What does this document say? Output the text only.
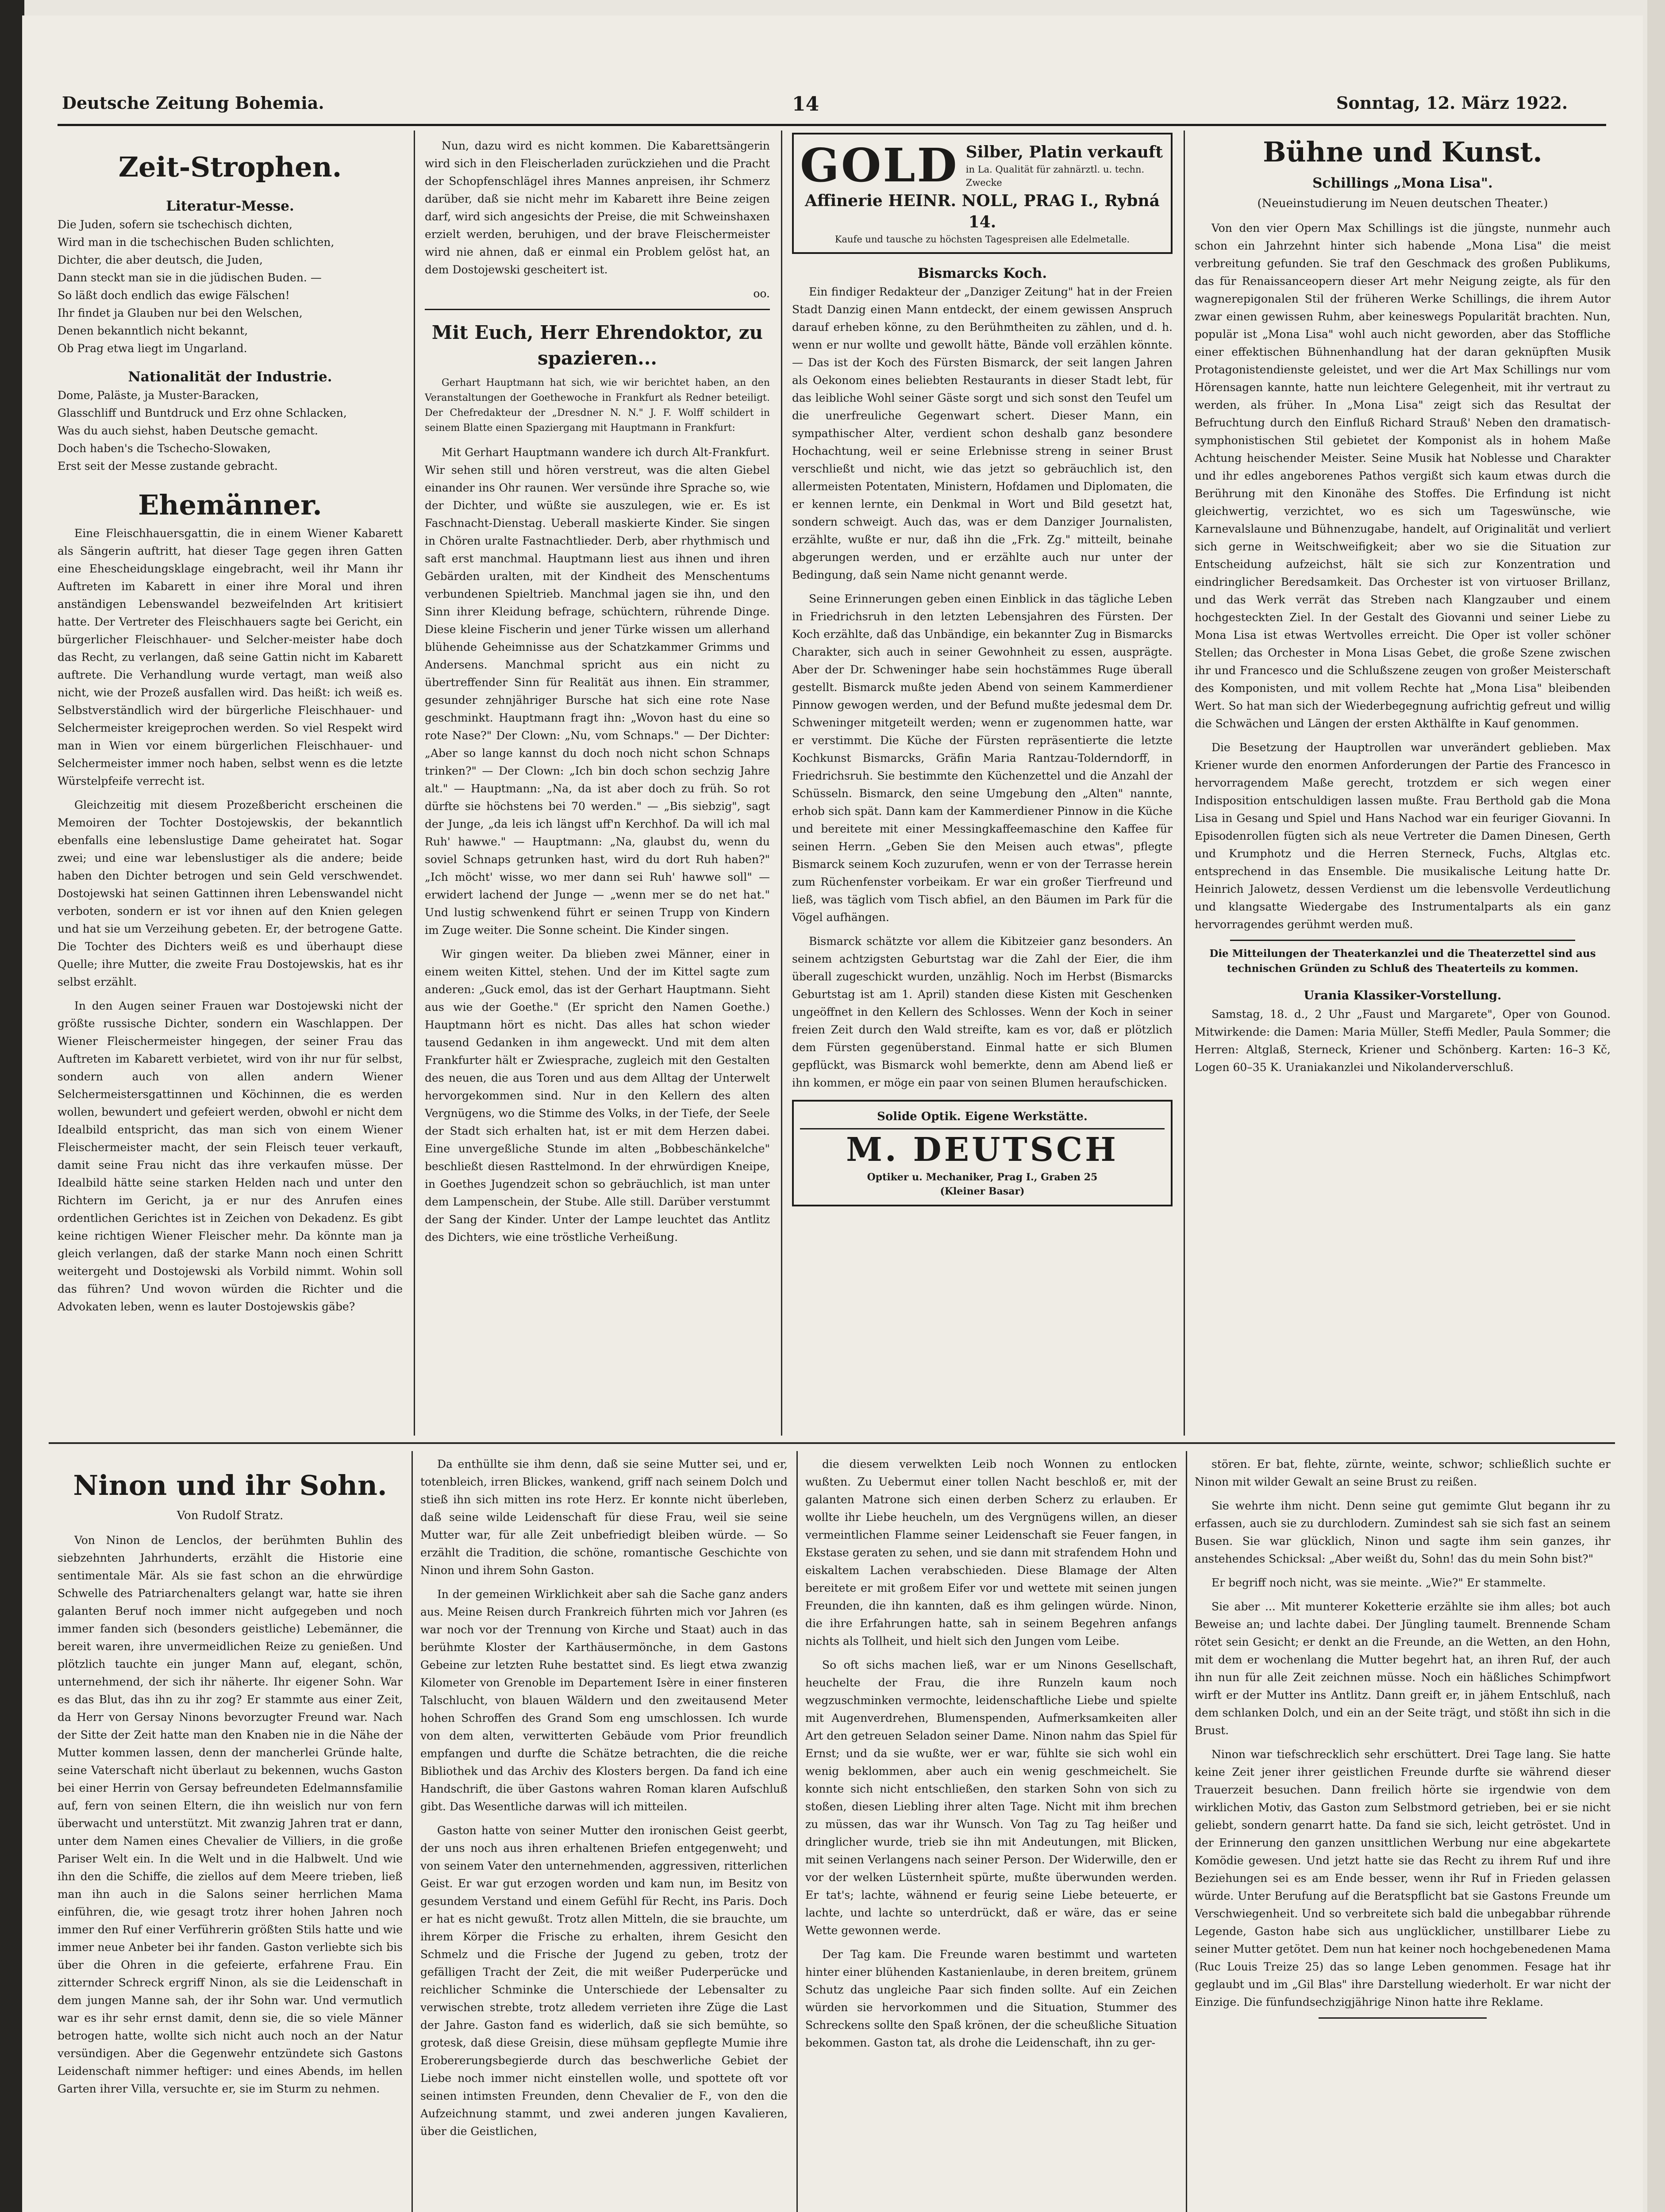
Deutsche Zeitung Bohemia.	14	Sonntag, 12. März 1922.
Zeit-Strophen.
Literatur-Messe.

Die Juden, sofern sie tschechisch dichten,
Wird man in die tschechischen Buden schlichten,
Dichter, die aber deutsch, die Juden,
Dann steckt man sie in die jüdischen Buden. —
So läßt doch endlich das ewige Fälschen!
Ihr findet ja Glauben nur bei den Welschen,
Denen bekanntlich nicht bekannt,
Ob Prag etwa liegt im Ungarland.

Nationalität der Industrie.

Dome, Paläste, ja Muster-Baracken,
Glasschliff und Buntdruck und Erz ohne Schlacken,
Was du auch siehst, haben Deutsche gemacht.
Doch haben's die Tschecho-Slowaken,
Erst seit der Messe zustande gebracht.

Ehemänner.

Eine Fleischhauersgattin, die in einem Wiener Kabarett als Sängerin auftritt, hat dieser Tage gegen ihren Gatten eine Ehescheidungsklage eingebracht, weil ihr Mann ihr Auftreten im Kabarett in einer ihre Moral und ihren anständigen Lebenswandel bezweifelnden Art kritisiert hatte. Der Vertreter des Fleischhauers sagte bei Gericht, ein bürgerlicher Fleischhauer- und Selcher-meister habe doch das Recht, zu verlangen, daß seine Gattin nicht im Kabarett auftrete. Die Verhandlung wurde vertagt, man weiß also nicht, wie der Prozeß ausfallen wird. Das heißt: ich weiß es. Selbstverständlich wird der bürgerliche Fleischhauer- und Selchermeister kreigeprochen werden. So viel Respekt wird man in Wien vor einem bürgerlichen Fleischhauer- und Selchermeister immer noch haben, selbst wenn es die letzte Würstelpfeife verrecht ist.

Gleichzeitig mit diesem Prozeßbericht erscheinen die Memoiren der Tochter Dostojewskis, der bekanntlich ebenfalls eine lebenslustige Dame geheiratet hat. Sogar zwei; und eine war lebenslustiger als die andere; beide haben den Dichter betrogen und sein Geld verschwendet. Dostojewski hat seinen Gattinnen ihren Lebenswandel nicht verboten, sondern er ist vor ihnen auf den Knien gelegen und hat sie um Verzeihung gebeten. Er, der betrogene Gatte. Die Tochter des Dichters weiß es und überhaupt diese Quelle; ihre Mutter, die zweite Frau Dostojewskis, hat es ihr selbst erzählt.

In den Augen seiner Frauen war Dostojewski nicht der größte russische Dichter, sondern ein Waschlappen. Der Wiener Fleischermeister hingegen, der seiner Frau das Auftreten im Kabarett verbietet, wird von ihr nur für selbst, sondern auch von allen andern Wiener Selchermeistersgattinnen und Köchinnen, die es werden wollen, bewundert und gefeiert werden, obwohl er nicht dem Idealbild entspricht, das man sich von einem Wiener Fleischermeister macht, der sein Fleisch teuer verkauft, damit seine Frau nicht das ihre verkaufen müsse. Der Idealbild hätte seine starken Helden nach und unter den Richtern im Gericht, ja er nur des Anrufen eines ordentlichen Gerichtes ist in Zeichen von Dekadenz. Es gibt keine richtigen Wiener Fleischer mehr. Da könnte man ja gleich verlangen, daß der starke Mann noch einen Schritt weitergeht und Dostojewski als Vorbild nimmt. Wohin soll das führen? Und wovon würden die Richter und die Advokaten leben, wenn es lauter Dostojewskis gäbe?

Nun, dazu wird es nicht kommen. Die Kabarettsängerin wird sich in den Fleischerladen zurückziehen und die Pracht der Schopfenschlägel ihres Mannes anpreisen, ihr Schmerz darüber, daß sie nicht mehr im Kabarett ihre Beine zeigen darf, wird sich angesichts der Preise, die mit Schweinshaxen erzielt werden, beruhigen, und der brave Fleischermeister wird nie ahnen, daß er einmal ein Problem gelöst hat, an dem Dostojewski gescheitert ist.

oo.

Mit Euch, Herr Ehrendoktor, zu spazieren...

Gerhart Hauptmann hat sich, wie wir berichtet haben, an den Veranstaltungen der Goethewoche in Frankfurt als Redner beteiligt. Der Chefredakteur der „Dresdner N. N." J. F. Wolff schildert in seinem Blatte einen Spaziergang mit Hauptmann in Frankfurt:

Mit Gerhart Hauptmann wandere ich durch Alt-Frankfurt. Wir sehen still und hören verstreut, was die alten Giebel einander ins Ohr raunen. Wer versünde ihre Sprache so, wie der Dichter, und wüßte sie auszulegen, wie er. Es ist Faschnacht-Dienstag. Ueberall maskierte Kinder. Sie singen in Chören uralte Fastnachtlieder. Derb, aber rhythmisch und saft erst manchmal. Hauptmann liest aus ihnen und ihren Gebärden uralten, mit der Kindheit des Menschentums verbundenen Spieltrieb. Manchmal jagen sie ihn, und den Sinn ihrer Kleidung befrage, schüchtern, rührende Dinge. Diese kleine Fischerin und jener Türke wissen um allerhand blühende Geheimnisse aus der Schatzkammer Grimms und Andersens. Manchmal spricht aus ein nicht zu übertreffender Sinn für Realität aus ihnen. Ein strammer, gesunder zehnjähriger Bursche hat sich eine rote Nase geschminkt. Hauptmann fragt ihn: „Wovon hast du eine so rote Nase?" Der Clown: „Nu, vom Schnaps." — Der Dichter: „Aber so lange kannst du doch noch nicht schon Schnaps trinken?" — Der Clown: „Ich bin doch schon sechzig Jahre alt." — Hauptmann: „Na, da ist aber doch zu früh. So rot dürfte sie höchstens bei 70 werden." — „Bis siebzig", sagt der Junge, „da leis ich längst uff'n Kerchhof. Da will ich mal Ruh' hawwe." — Hauptmann: „Na, glaubst du, wenn du soviel Schnaps getrunken hast, wird du dort Ruh haben?" „Ich möcht' wisse, wo mer dann sei Ruh' hawwe soll" — erwidert lachend der Junge — „wenn mer se do net hat." Und lustig schwenkend führt er seinen Trupp von Kindern im Zuge weiter. Die Sonne scheint. Die Kinder singen.

Wir gingen weiter. Da blieben zwei Männer, einer in einem weiten Kittel, stehen. Und der im Kittel sagte zum anderen: „Guck emol, das ist der Gerhart Hauptmann. Sieht aus wie der Goethe." (Er spricht den Namen Goethe.) Hauptmann hört es nicht. Das alles hat schon wieder tausend Gedanken in ihm angeweckt. Und mit dem alten Frankfurter hält er Zwiesprache, zugleich mit den Gestalten des neuen, die aus Toren und aus dem Alltag der Unterwelt hervorgekommen sind. Nur in den Kellern des alten Vergnügens, wo die Stimme des Volks, in der Tiefe, der Seele der Stadt sich erhalten hat, ist er mit dem Herzen dabei. Eine unvergeßliche Stunde im alten „Bobbeschänkelche" beschließt diesen Rasttelmond. In der ehrwürdigen Kneipe, in Goethes Jugendzeit schon so gebräuchlich, ist man unter dem Lampenschein, der Stube. Alle still. Darüber verstummt der Sang der Kinder. Unter der Lampe leuchtet das Antlitz des Dichters, wie eine tröstliche Verheißung.

GOLD Silber, Platin verkauft
in La. Qualität für zahnärztl. u. techn. Zwecke
Affinerie HEINR. NOLL, PRAG I., Rybná 14.
Kaufe und tausche zu höchsten Tagespreisen alle Edelmetalle.
Bismarcks Koch.

Ein findiger Redakteur der „Danziger Zeitung" hat in der Freien Stadt Danzig einen Mann entdeckt, der einem gewissen Anspruch darauf erheben könne, zu den Berühmtheiten zu zählen, und d. h. wenn er nur wollte und gewollt hätte, Bände voll erzählen könnte. — Das ist der Koch des Fürsten Bismarck, der seit langen Jahren als Oekonom eines beliebten Restaurants in dieser Stadt lebt, für das leibliche Wohl seiner Gäste sorgt und sich sonst den Teufel um die unerfreuliche Gegenwart schert. Dieser Mann, ein sympathischer Alter, verdient schon deshalb ganz besondere Hochachtung, weil er seine Erlebnisse streng in seiner Brust verschließt und nicht, wie das jetzt so gebräuchlich ist, den allermeisten Potentaten, Ministern, Hofdamen und Diplomaten, die er kennen lernte, ein Denkmal in Wort und Bild gesetzt hat, sondern schweigt. Auch das, was er dem Danziger Journalisten, erzählte, wußte er nur, daß ihn die „Frk. Zg." mitteilt, beinahe abgerungen werden, und er erzählte auch nur unter der Bedingung, daß sein Name nicht genannt werde.

Seine Erinnerungen geben einen Einblick in das tägliche Leben in Friedrichsruh in den letzten Lebensjahren des Fürsten. Der Koch erzählte, daß das Unbändige, ein bekannter Zug in Bismarcks Charakter, sich auch in seiner Gewohnheit zu essen, ausprägte. Aber der Dr. Schweninger habe sein hochstämmes Ruge überall gestellt. Bismarck mußte jeden Abend von seinem Kammerdiener Pinnow gewogen werden, und der Befund mußte jedesmal dem Dr. Schweninger mitgeteilt werden; wenn er zugenommen hatte, war er verstimmt. Die Küche der Fürsten repräsentierte die letzte Kochkunst Bismarcks, Gräfin Maria Rantzau-Tolderndorff, in Friedrichsruh. Sie bestimmte den Küchenzettel und die Anzahl der Schüsseln. Bismarck, den seine Umgebung den „Alten" nannte, erhob sich spät. Dann kam der Kammerdiener Pinnow in die Küche und bereitete mit einer Messingkaffeemaschine den Kaffee für seinen Herrn. „Geben Sie den Meisen auch etwas", pflegte Bismarck seinem Koch zuzurufen, wenn er von der Terrasse herein zum Rüchenfenster vorbeikam. Er war ein großer Tierfreund und ließ, was täglich vom Tisch abfiel, an den Bäumen im Park für die Vögel aufhängen.

Bismarck schätzte vor allem die Kibitzeier ganz besonders. An seinem achtzigsten Geburtstag war die Zahl der Eier, die ihm überall zugeschickt wurden, unzählig. Noch im Herbst (Bismarcks Geburtstag ist am 1. April) standen diese Kisten mit Geschenken ungeöffnet in den Kellern des Schlosses. Wenn der Koch in seiner freien Zeit durch den Wald streifte, kam es vor, daß er plötzlich dem Fürsten gegenüberstand. Einmal hatte er sich Blumen gepflückt, was Bismarck wohl bemerkte, denn am Abend ließ er ihn kommen, er möge ein paar von seinen Blumen heraufschicken.

Solide Optik. Eigene Werkstätte.
M. DEUTSCH
Optiker u. Mechaniker, Prag I., Graben 25
(Kleiner Basar)
Bühne und Kunst.
Schillings „Mona Lisa".
(Neueinstudierung im Neuen deutschen Theater.)

Von den vier Opern Max Schillings ist die jüngste, nunmehr auch schon ein Jahrzehnt hinter sich habende „Mona Lisa" die meist verbreitung gefunden. Sie traf den Geschmack des großen Publikums, das für Renaissanceopern dieser Art mehr Neigung zeigte, als für den wagnerepigonalen Stil der früheren Werke Schillings, die ihrem Autor zwar einen gewissen Ruhm, aber keineswegs Popularität brachten. Nun, populär ist „Mona Lisa" wohl auch nicht geworden, aber das Stoffliche einer effektischen Bühnenhandlung hat der daran geknüpften Musik Protagonistendienste geleistet, und wer die Art Max Schillings nur vom Hörensagen kannte, hatte nun leichtere Gelegenheit, mit ihr vertraut zu werden, als früher. In „Mona Lisa" zeigt sich das Resultat der Befruchtung durch den Einfluß Richard Strauß' Neben den dramatisch-symphonistischen Stil gebietet der Komponist als in hohem Maße Achtung heischender Meister. Seine Musik hat Noblesse und Charakter und ihr edles angeborenes Pathos vergißt sich kaum etwas durch die Berührung mit den Kinonähe des Stoffes. Die Erfindung ist nicht gleichwertig, verzichtet, wo es sich um Tageswünsche, wie Karnevalslaune und Bühnenzugabe, handelt, auf Originalität und verliert sich gerne in Weitschweifigkeit; aber wo sie die Situation zur Entscheidung aufzeichst, hält sie sich zur Konzentration und eindringlicher Beredsamkeit. Das Orchester ist von virtuoser Brillanz, und das Werk verrät das Streben nach Klangzauber und einem hochgesteckten Ziel. In der Gestalt des Giovanni und seiner Liebe zu Mona Lisa ist etwas Wertvolles erreicht. Die Oper ist voller schöner Stellen; das Orchester in Mona Lisas Gebet, die große Szene zwischen ihr und Francesco und die Schlußszene zeugen von großer Meisterschaft des Komponisten, und mit vollem Rechte hat „Mona Lisa" bleibenden Wert. So hat man sich der Wiederbegegnung aufrichtig gefreut und willig die Schwächen und Längen der ersten Akthälfte in Kauf genommen.

Die Besetzung der Hauptrollen war unverändert geblieben. Max Kriener wurde den enormen Anforderungen der Partie des Francesco in hervorragendem Maße gerecht, trotzdem er sich wegen einer Indisposition entschuldigen lassen mußte. Frau Berthold gab die Mona Lisa in Gesang und Spiel und Hans Nachod war ein feuriger Giovanni. In Episodenrollen fügten sich als neue Vertreter die Damen Dinesen, Gerth und Krumphotz und die Herren Sterneck, Fuchs, Altglas etc. entsprechend in das Ensemble. Die musikalische Leitung hatte Dr. Heinrich Jalowetz, dessen Verdienst um die lebensvolle Verdeutlichung und klangsatte Wiedergabe des Instrumentalparts als ein ganz hervorragendes gerühmt werden muß.

Die Mitteilungen der Theaterkanzlei und die Theaterzettel sind aus technischen Gründen zu Schluß des Theaterteils zu kommen.

Urania Klassiker-Vorstellung.

Samstag, 18. d., 2 Uhr „Faust und Margarete", Oper von Gounod. Mitwirkende: die Damen: Maria Müller, Steffi Medler, Paula Sommer; die Herren: Altglaß, Sterneck, Kriener und Schönberg. Karten: 16–3 Kč, Logen 60–35 K. Uraniakanzlei und Nikolanderverschluß.

Ninon und ihr Sohn.
Von Rudolf Stratz.

Von Ninon de Lenclos, der berühmten Buhlin des siebzehnten Jahrhunderts, erzählt die Historie eine sentimentale Mär. Als sie fast schon an die ehrwürdige Schwelle des Patriarchenalters gelangt war, hatte sie ihren galanten Beruf noch immer nicht aufgegeben und noch immer fanden sich (besonders geistliche) Lebemänner, die bereit waren, ihre unvermeidlichen Reize zu genießen. Und plötzlich tauchte ein junger Mann auf, elegant, schön, unternehmend, der sich ihr näherte. Ihr eigener Sohn. War es das Blut, das ihn zu ihr zog? Er stammte aus einer Zeit, da Herr von Gersay Ninons bevorzugter Freund war. Nach der Sitte der Zeit hatte man den Knaben nie in die Nähe der Mutter kommen lassen, denn der mancherlei Gründe halte, seine Vaterschaft nicht überlaut zu bekennen, wuchs Gaston bei einer Herrin von Gersay befreundeten Edelmannsfamilie auf, fern von seinen Eltern, die ihn weislich nur von fern überwacht und unterstützt. Mit zwanzig Jahren trat er dann, unter dem Namen eines Chevalier de Villiers, in die große Pariser Welt ein. In die Welt und in die Halbwelt. Und wie ihn den die Schiffe, die ziellos auf dem Meere trieben, ließ man ihn auch in die Salons seiner herrlichen Mama einführen, die, wie gesagt trotz ihrer hohen Jahren noch immer den Ruf einer Verführerin größten Stils hatte und wie immer neue Anbeter bei ihr fanden. Gaston verliebte sich bis über die Ohren in die gefeierte, erfahrene Frau. Ein zitternder Schreck ergriff Ninon, als sie die Leidenschaft in dem jungen Manne sah, der ihr Sohn war. Und vermutlich war es ihr sehr ernst damit, denn sie, die so viele Männer betrogen hatte, wollte sich nicht auch noch an der Natur versündigen. Aber die Gegenwehr entzündete sich Gastons Leidenschaft nimmer heftiger: und eines Abends, im hellen Garten ihrer Villa, versuchte er, sie im Sturm zu nehmen.

Da enthüllte sie ihm denn, daß sie seine Mutter sei, und er, totenbleich, irren Blickes, wankend, griff nach seinem Dolch und stieß ihn sich mitten ins rote Herz. Er konnte nicht überleben, daß seine wilde Leidenschaft für diese Frau, weil sie seine Mutter war, für alle Zeit unbefriedigt bleiben würde. — So erzählt die Tradition, die schöne, romantische Geschichte von Ninon und ihrem Sohn Gaston.

In der gemeinen Wirklichkeit aber sah die Sache ganz anders aus. Meine Reisen durch Frankreich führten mich vor Jahren (es war noch vor der Trennung von Kirche und Staat) auch in das berühmte Kloster der Karthäusermönche, in dem Gastons Gebeine zur letzten Ruhe bestattet sind. Es liegt etwa zwanzig Kilometer von Grenoble im Departement Isère in einer finsteren Talschlucht, von blauen Wäldern und den zweitausend Meter hohen Schroffen des Grand Som eng umschlossen. Ich wurde von dem alten, verwitterten Gebäude vom Prior freundlich empfangen und durfte die Schätze betrachten, die die reiche Bibliothek und das Archiv des Klosters bergen. Da fand ich eine Handschrift, die über Gastons wahren Roman klaren Aufschluß gibt. Das Wesentliche darwas will ich mitteilen.

Gaston hatte von seiner Mutter den ironischen Geist geerbt, der uns noch aus ihren erhaltenen Briefen entgegenweht; und von seinem Vater den unternehmenden, aggressiven, ritterlichen Geist. Er war gut erzogen worden und kam nun, im Besitz von gesundem Verstand und einem Gefühl für Recht, ins Paris. Doch er hat es nicht gewußt. Trotz allen Mitteln, die sie brauchte, um ihrem Körper die Frische zu erhalten, ihrem Gesicht den Schmelz und die Frische der Jugend zu geben, trotz der gefälligen Tracht der Zeit, die mit weißer Puderperücke und reichlicher Schminke die Unterschiede der Lebensalter zu verwischen strebte, trotz alledem verrieten ihre Züge die Last der Jahre. Gaston fand es widerlich, daß sie sich bemühte, so grotesk, daß diese Greisin, diese mühsam gepflegte Mumie ihre Erobererungsbegierde durch das beschwerliche Gebiet der Liebe noch immer nicht einstellen wolle, und spottete oft vor seinen intimsten Freunden, denn Chevalier de F., von den die Aufzeichnung stammt, und zwei anderen jungen Kavalieren, über die Geistlichen,

die diesem verwelkten Leib noch Wonnen zu entlocken wußten. Zu Uebermut einer tollen Nacht beschloß er, mit der galanten Matrone sich einen derben Scherz zu erlauben. Er wollte ihr Liebe heucheln, um des Vergnügens willen, an dieser vermeintlichen Flamme seiner Leidenschaft sie Feuer fangen, in Ekstase geraten zu sehen, und sie dann mit strafendem Hohn und eiskaltem Lachen verabschieden. Diese Blamage der Alten bereitete er mit großem Eifer vor und wettete mit seinen jungen Freunden, die ihn kannten, daß es ihm gelingen würde. Ninon, die ihre Erfahrungen hatte, sah in seinem Begehren anfangs nichts als Tollheit, und hielt sich den Jungen vom Leibe.

So oft sichs machen ließ, war er um Ninons Gesellschaft, heuchelte der Frau, die ihre Runzeln kaum noch wegzuschminken vermochte, leidenschaftliche Liebe und spielte mit Augenverdrehen, Blumenspenden, Aufmerksamkeiten aller Art den getreuen Seladon seiner Dame. Ninon nahm das Spiel für Ernst; und da sie wußte, wer er war, fühlte sie sich wohl ein wenig beklommen, aber auch ein wenig geschmeichelt. Sie konnte sich nicht entschließen, den starken Sohn von sich zu stoßen, diesen Liebling ihrer alten Tage. Nicht mit ihm brechen zu müssen, das war ihr Wunsch. Von Tag zu Tag heißer und dringlicher wurde, trieb sie ihn mit Andeutungen, mit Blicken, mit seinen Verlangens nach seiner Person. Der Widerwille, den er vor der welken Lüsternheit spürte, mußte überwunden werden. Er tat's; lachte, wähnend er feurig seine Liebe beteuerte, er lachte, und lachte so unterdrückt, daß er wäre, das er seine Wette gewonnen werde.

Der Tag kam. Die Freunde waren bestimmt und warteten hinter einer blühenden Kastanienlaube, in deren breitem, grünem Schutz das ungleiche Paar sich finden sollte. Auf ein Zeichen würden sie hervorkommen und die Situation, Stummer des Schreckens sollte den Spaß krönen, der die scheußliche Situation bekommen. Gaston tat, als drohe die Leidenschaft, ihn zu ger-

stören. Er bat, flehte, zürnte, weinte, schwor; schließlich suchte er Ninon mit wilder Gewalt an seine Brust zu reißen.

Sie wehrte ihm nicht. Denn seine gut gemimte Glut begann ihr zu erfassen, auch sie zu durchlodern. Zumindest sah sie sich fast an seinem Busen. Sie war glücklich, Ninon und sagte ihm sein ganzes, ihr anstehendes Schicksal: „Aber weißt du, Sohn! das du mein Sohn bist?"

Er begriff noch nicht, was sie meinte. „Wie?" Er stammelte.

Sie aber ... Mit munterer Koketterie erzählte sie ihm alles; bot auch Beweise an; und lachte dabei. Der Jüngling taumelt. Brennende Scham rötet sein Gesicht; er denkt an die Freunde, an die Wetten, an den Hohn, mit dem er wochenlang die Mutter begehrt hat, an ihren Ruf, der auch ihn nun für alle Zeit zeichnen müsse. Noch ein häßliches Schimpfwort wirft er der Mutter ins Antlitz. Dann greift er, in jähem Entschluß, nach dem schlanken Dolch, und ein an der Seite trägt, und stößt ihn sich in die Brust.

Ninon war tiefschrecklich sehr erschüttert. Drei Tage lang. Sie hatte keine Zeit jener ihrer geistlichen Freunde durfte sie während dieser Trauerzeit besuchen. Dann freilich hörte sie irgendwie von dem wirklichen Motiv, das Gaston zum Selbstmord getrieben, bei er sie nicht geliebt, sondern genarrt hatte. Da fand sie sich, leicht getröstet. Und in der Erinnerung den ganzen unsittlichen Werbung nur eine abgekartete Komödie gewesen. Und jetzt hatte sie das Recht zu ihrem Ruf und ihre Beziehungen sei es am Ende besser, wenn ihr Ruf in Frieden gelassen würde. Unter Berufung auf die Beratspflicht bat sie Gastons Freunde um Verschwiegenheit. Und so verbreitete sich bald die unbegabbar rührende Legende, Gaston habe sich aus unglücklicher, unstillbarer Liebe zu seiner Mutter getötet. Dem nun hat keiner noch hochgebenedenen Mama (Ruc Louis Treize 25) das so lange Leben genommen. Fesage hat ihr geglaubt und im „Gil Blas" ihre Darstellung wiederholt. Er war nicht der Einzige. Die fünfundsechzigjährige Ninon hatte ihre Reklame.
